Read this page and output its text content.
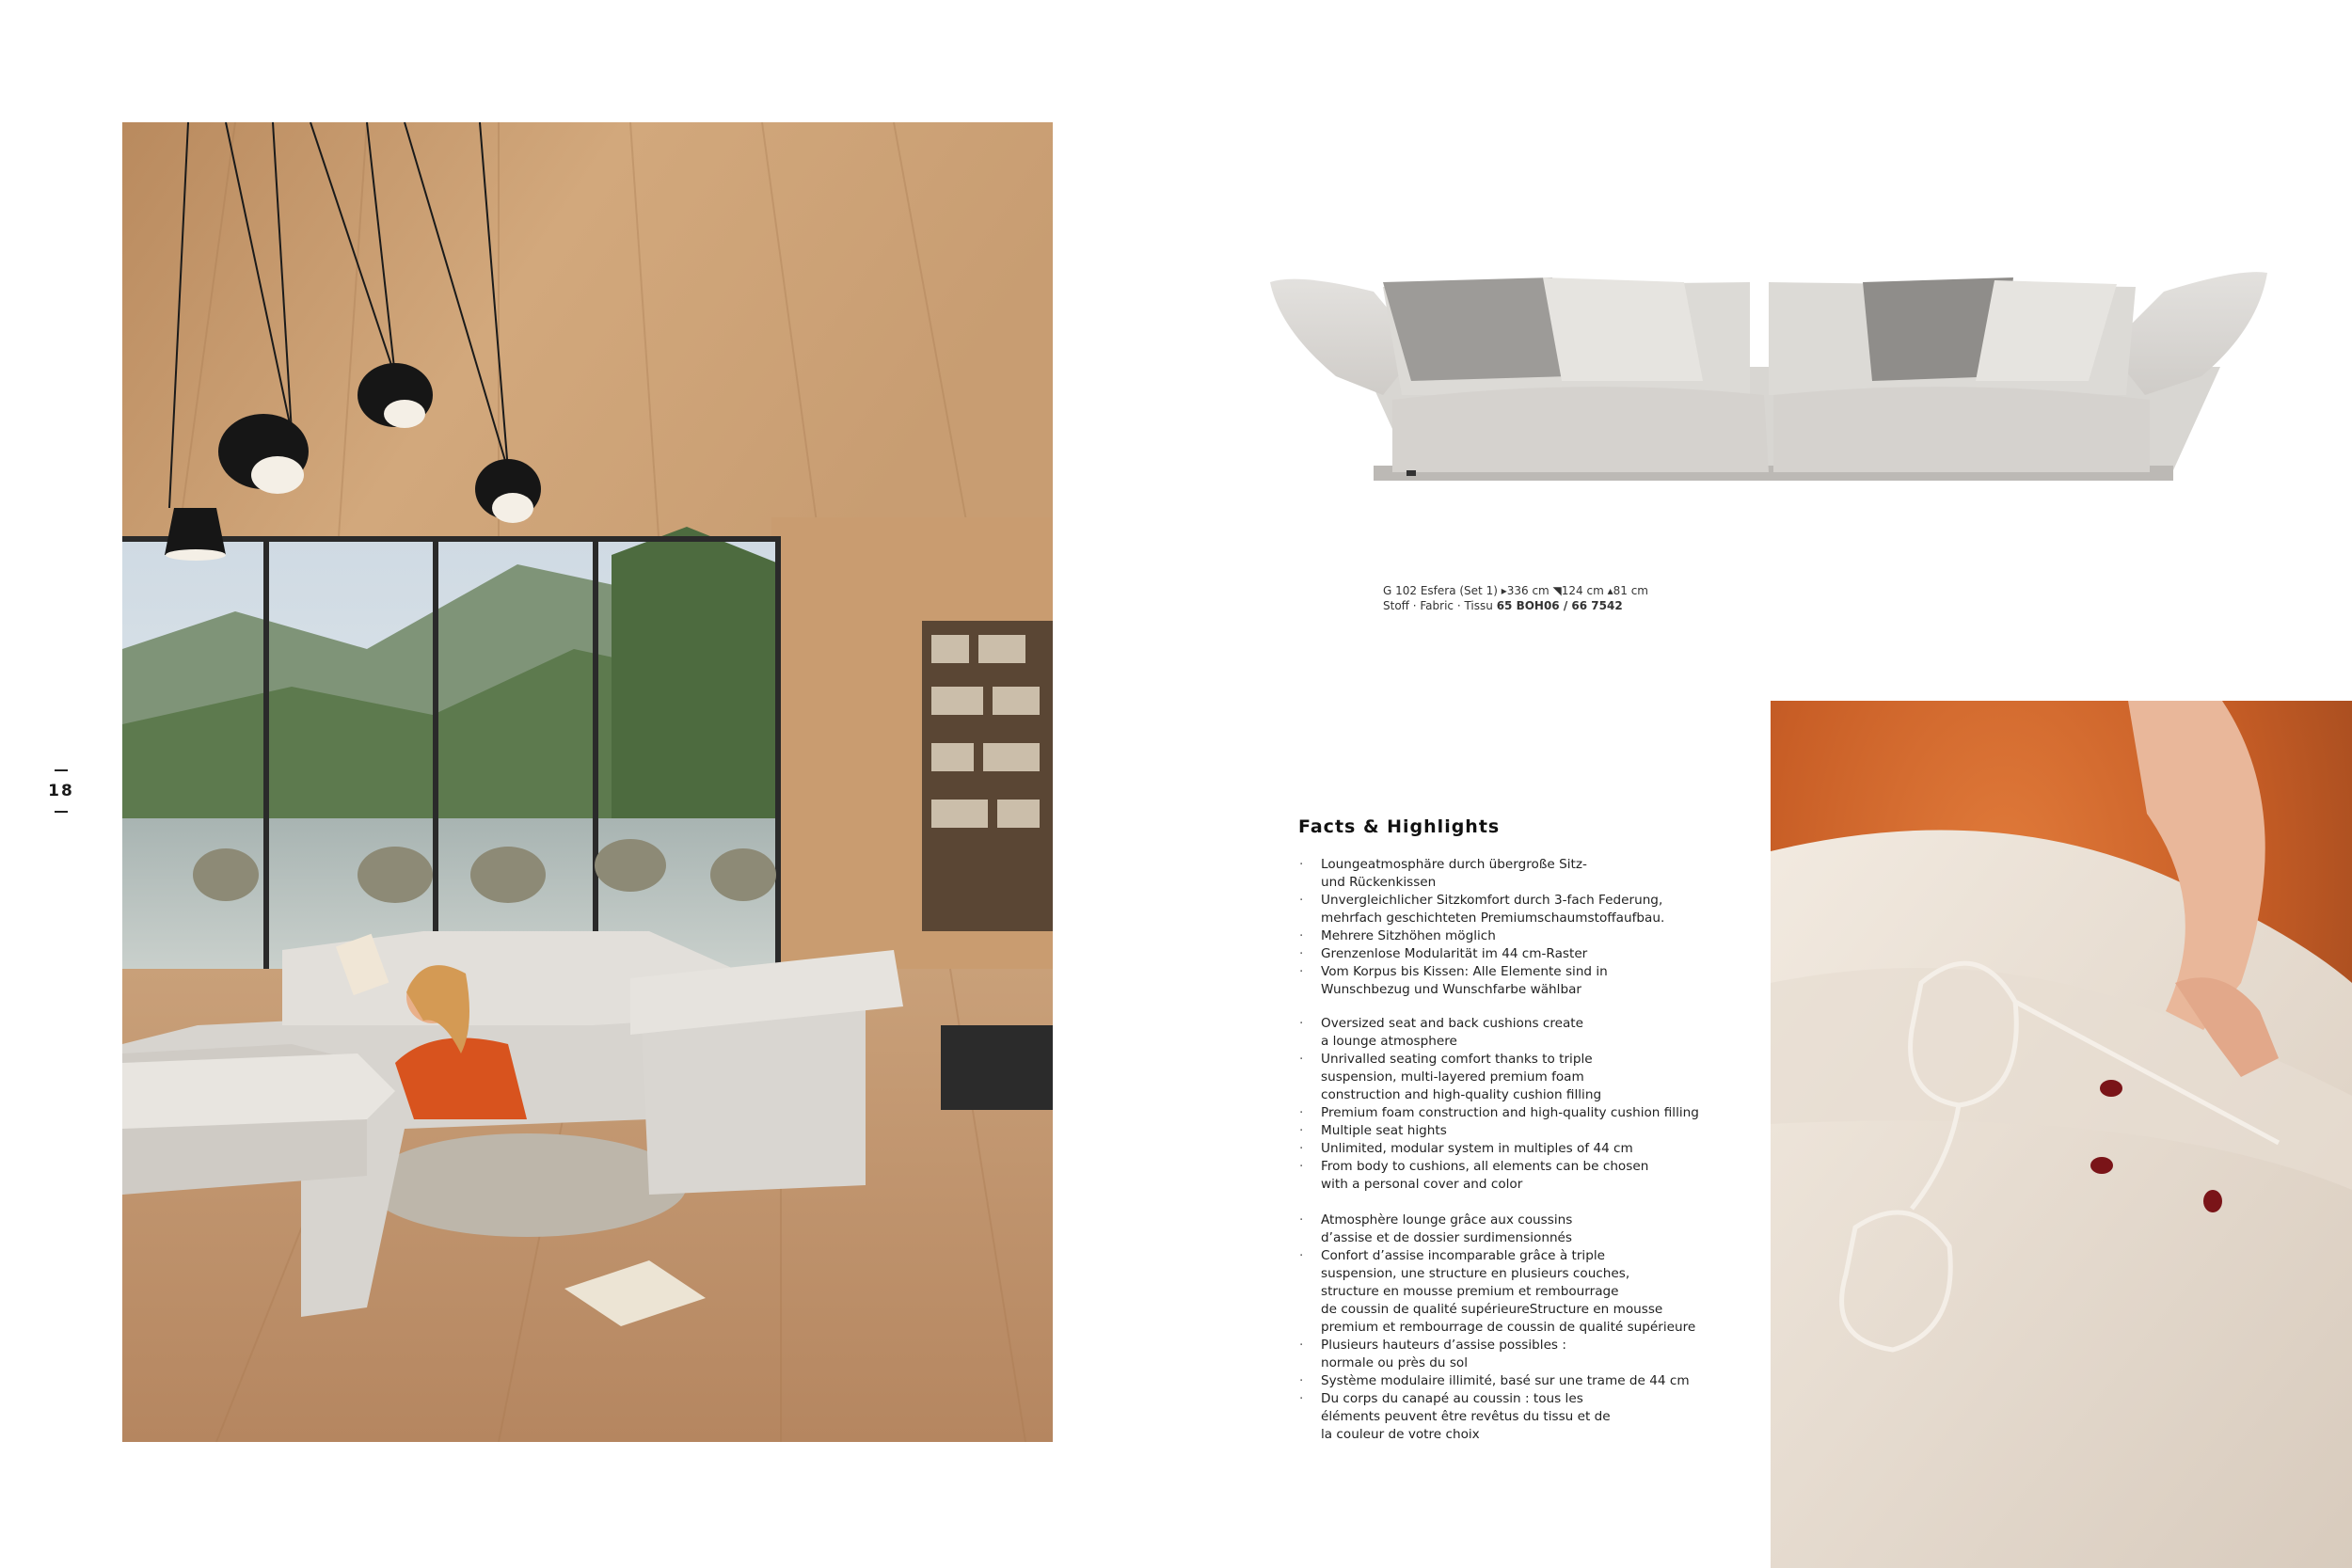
18
G 102 Esfera (Set 1) ▸336 cm ◥124 cm ▴81 cm
Stoff · Fabric · Tissu 65 BOH06 / 66 7542
Facts & Highlights
· Loungeatmosphäre durch übergroße Sitz-
und Rückenkissen
· Unvergleichlicher Sitzkomfort durch 3-fach Federung,
mehrfach geschichteten Premiumschaumstoffaufbau.
· Mehrere Sitzhöhen möglich
· Grenzenlose Modularität im 44 cm-Raster
· Vom Korpus bis Kissen: Alle Elemente sind in
Wunschbezug und Wunschfarbe wählbar
· Oversized seat and back cushions create
a lounge atmosphere
· Unrivalled seating comfort thanks to triple
suspension, multi-layered premium foam
construction and high-quality cushion filling
· Premium foam construction and high-quality cushion filling
· Multiple seat hights
· Unlimited, modular system in multiples of 44 cm
· From body to cushions, all elements can be chosen
with a personal cover and color
· Atmosphère lounge grâce aux coussins
d’assise et de dossier surdimensionnés
· Confort d’assise incomparable grâce à triple
suspension, une structure en plusieurs couches,
structure en mousse premium et rembourrage
de coussin de qualité supérieureStructure en mousse
premium et rembourrage de coussin de qualité supérieure
· Plusieurs hauteurs d’assise possibles :
normale ou près du sol
· Système modulaire illimité, basé sur une trame de 44 cm
· Du corps du canapé au coussin : tous les
éléments peuvent être revêtus du tissu et de
la couleur de votre choix
